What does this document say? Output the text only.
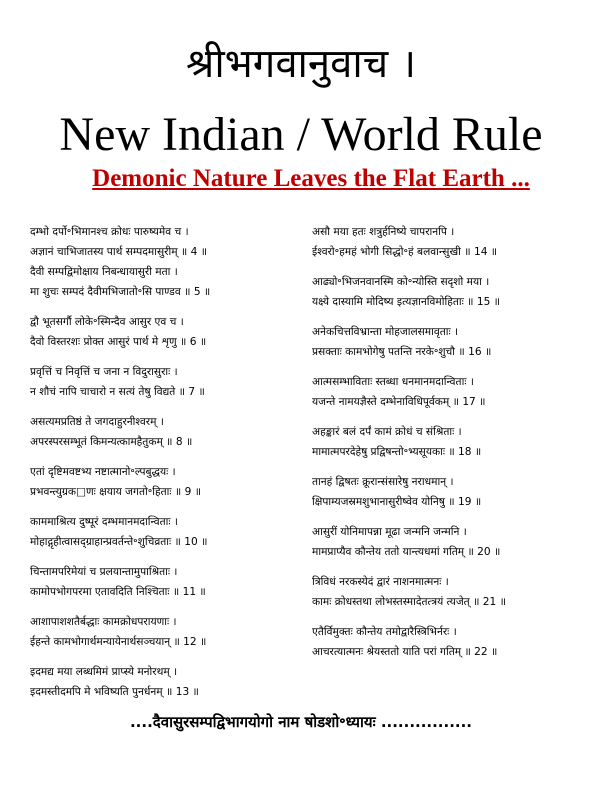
श्रीभगवानुवाच ।
New Indian / World Rule
Demonic Nature Leaves the Flat Earth ...
दम्भो दर्पो॰भिमानश्च क्रोधः पारुष्यमेव च ।
अज्ञानं चाभिजातस्य पार्थ सम्पदमासुरीम् ॥ 4 ॥
दैवी सम्पद्विमोक्षाय निबन्धायासुरी मता ।
मा शुचः सम्पदं दैवीमभिजातो॰सि पाण्डव ॥ 5 ॥
द्वौ भूतसर्गौ लोके॰स्मिन्दैव आसुर एव च ।
दैवो विस्तरशः प्रोक्त आसुरं पार्थ मे शृणु ॥ 6 ॥
प्रवृत्तिं च निवृत्तिं च जना न विदुरासुराः ।
न शौचं नापि चाचारो न सत्यं तेषु विद्यते ॥ 7 ॥
असत्यमप्रतिष्ठं ते जगदाहुरनीश्वरम् ।
अपरस्परसम्भूतं किमन्यत्कामहैतुकम् ॥ 8 ॥
एतां दृष्टिमवष्टभ्य नष्टात्मानो॰ल्पबुद्धयः ।
प्रभवन्त्युग्रक□णः क्षयाय जगतो॰हिताः ॥ 9 ॥
काममाश्रित्य दुष्पूरं दम्भमानमदान्विताः ।
मोहाद्गृहीत्वासद्ग्राहान्प्रवर्तन्ते॰शुचिव्रताः ॥ 10 ॥
चिन्तामपरिमेयां च प्रलयान्तामुपाश्रिताः ।
कामोपभोगपरमा एतावदिति निश्चिताः ॥ 11 ॥
आशापाशशतैर्बद्धाः कामक्रोधपरायणाः ।
ईहन्ते कामभोगार्थमन्यायेनार्थसञ्चयान् ॥ 12 ॥
इदमद्य मया लब्धमिमं प्राप्स्ये मनोरथम् ।
इदमस्तीदमपि मे भविष्यति पुनर्धनम् ॥ 13 ॥
असौ मया हतः शत्रुर्हनिष्ये चापरानपि ।
ईश्वरो॰हमहं भोगी सिद्धो॰हं बलवान्सुखी ॥ 14 ॥
आढ्यो॰भिजनवानस्मि को॰न्योस्ति सदृशो मया ।
यक्ष्ये दास्यामि मोदिष्य इत्यज्ञानविमोहिताः ॥ 15 ॥
अनेकचित्तविभ्रान्ता मोहजालसमावृताः ।
प्रसक्ताः कामभोगेषु पतन्ति नरके॰शुचौ ॥ 16 ॥
आत्मसम्भाविताः स्तब्धा धनमानमदान्विताः ।
यजन्ते नामयज्ञैस्ते दम्भेनाविधिपूर्वकम् ॥ 17 ॥
अहङ्कारं बलं दर्पं कामं क्रोधं च संश्रिताः ।
मामात्मपरदेहेषु प्रद्विषन्तो॰भ्यसूयकाः ॥ 18 ॥
तानहं द्विषतः क्रूरान्संसारेषु नराधमान् ।
क्षिपाम्यजस्रमशुभानासुरीष्वेव योनिषु ॥ 19 ॥
आसुरीं योनिमापन्ना मूढा जन्मनि जन्मनि ।
मामप्राप्यैव कौन्तेय ततो यान्त्यधमां गतिम् ॥ 20 ॥
त्रिविधं नरकस्येदं द्वारं नाशनमात्मनः ।
कामः क्रोधस्तथा लोभस्तस्मादेतत्त्रयं त्यजेत् ॥ 21 ॥
एतैर्विमुक्तः कौन्तेय तमोद्वारैस्त्रिभिर्नरः ।
आचरत्यात्मनः श्रेयस्ततो याति परां गतिम् ॥ 22 ॥
....दैवासुरसम्पद्विभागयोगो नाम षोडशो॰ध्यायः ................
